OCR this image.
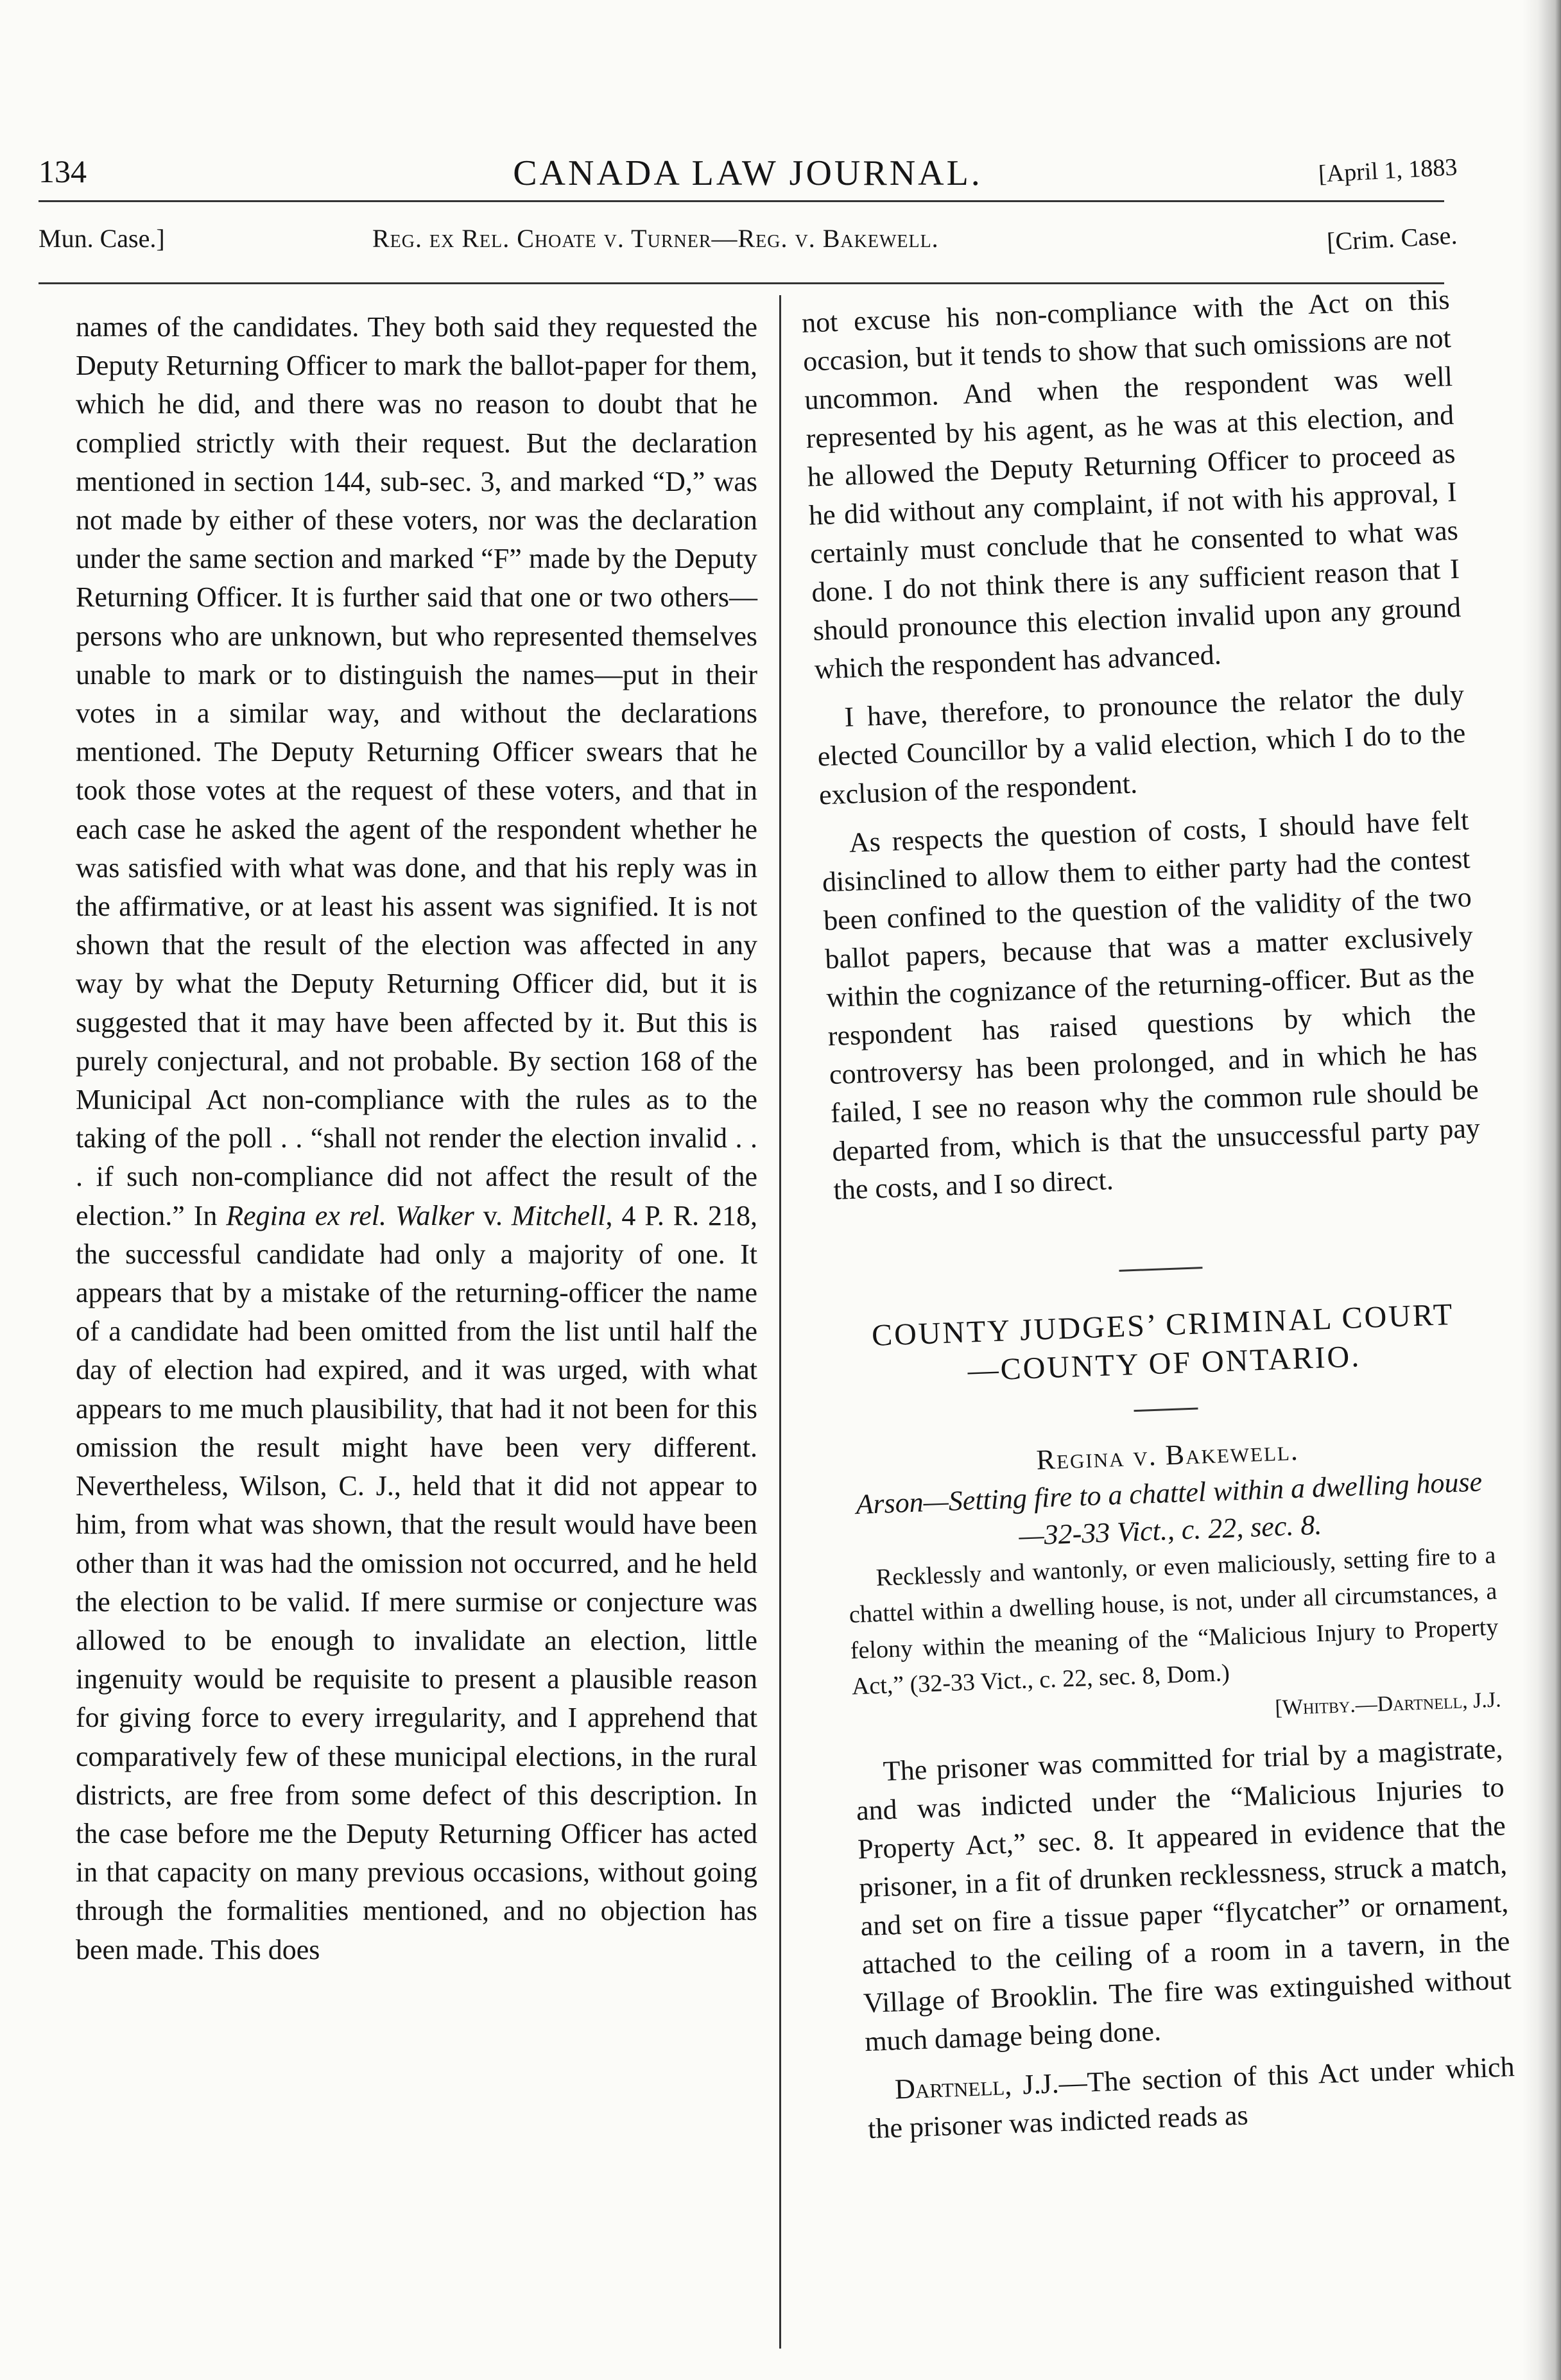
134	CANADA LAW JOURNAL.	[April 1, 1883
Mun. Case.]	Reg. ex Rel. Choate v. Turner—Reg. v. Bakewell.	[Crim. Case.

names of the candidates. They both said they requested the Deputy Returning Officer to mark the ballot-paper for them, which he did, and there was no reason to doubt that he complied strictly with their request. But the declaration mentioned in section 144, sub-sec. 3, and marked “D,” was not made by either of these voters, nor was the declaration under the same section and marked “F” made by the Deputy Returning Officer. It is further said that one or two others—persons who are unknown, but who represented themselves unable to mark or to distinguish the names—put in their votes in a similar way, and without the declarations mentioned. The Deputy Returning Officer swears that he took those votes at the request of these voters, and that in each case he asked the agent of the respondent whether he was satisfied with what was done, and that his reply was in the affirmative, or at least his assent was signified. It is not shown that the result of the election was affected in any way by what the Deputy Returning Officer did, but it is suggested that it may have been affected by it. But this is purely conjectural, and not probable. By section 168 of the Municipal Act non-compliance with the rules as to the taking of the poll . . “shall not render the election invalid . . . if such non-compliance did not affect the result of the election.” In Regina ex rel. Walker v. Mitchell, 4 P. R. 218, the successful candidate had only a majority of one. It appears that by a mistake of the returning-officer the name of a candidate had been omitted from the list until half the day of election had expired, and it was urged, with what appears to me much plausibility, that had it not been for this omission the result might have been very different. Nevertheless, Wilson, C. J., held that it did not appear to him, from what was shown, that the result would have been other than it was had the omission not occurred, and he held the election to be valid. If mere surmise or conjecture was allowed to be enough to invalidate an election, little ingenuity would be requisite to present a plausible reason for giving force to every irregularity, and I apprehend that comparatively few of these municipal elections, in the rural districts, are free from some defect of this description. In the case before me the Deputy Returning Officer has acted in that capacity on many previous occasions, without going through the formalities mentioned, and no objection has been made. This does

not excuse his non-compliance with the Act on this occasion, but it tends to show that such omissions are not uncommon. And when the respondent was well represented by his agent, as he was at this election, and he allowed the Deputy Returning Officer to proceed as he did without any complaint, if not with his approval, I certainly must conclude that he consented to what was done. I do not think there is any sufficient reason that I should pronounce this election invalid upon any ground which the respondent has advanced.

I have, therefore, to pronounce the relator the duly elected Councillor by a valid election, which I do to the exclusion of the respondent.

As respects the question of costs, I should have felt disinclined to allow them to either party had the contest been confined to the question of the validity of the two ballot papers, because that was a matter exclusively within the cognizance of the returning-officer. But as the respondent has raised questions by which the controversy has been prolonged, and in which he has failed, I see no reason why the common rule should be departed from, which is that the unsuccessful party pay the costs, and I so direct.

COUNTY JUDGES’ CRIMINAL COURT

—COUNTY OF ONTARIO.

Regina v. Bakewell.

Arson—Setting fire to a chattel within a dwelling house—32-33 Vict., c. 22, sec. 8.

Recklessly and wantonly, or even maliciously, setting fire to a chattel within a dwelling house, is not, under all circumstances, a felony within the meaning of the “Malicious Injury to Property Act,” (32-33 Vict., c. 22, sec. 8, Dom.)

[Whitby.—Dartnell, J.J.

The prisoner was committed for trial by a magistrate, and was indicted under the “Malicious Injuries to Property Act,” sec. 8. It appeared in evidence that the prisoner, in a fit of drunken recklessness, struck a match, and set on fire a tissue paper “flycatcher” or ornament, attached to the ceiling of a room in a tavern, in the Village of Brooklin. The fire was extinguished without much damage being done.

Dartnell, J.J.—The section of this Act under which the prisoner was indicted reads as
